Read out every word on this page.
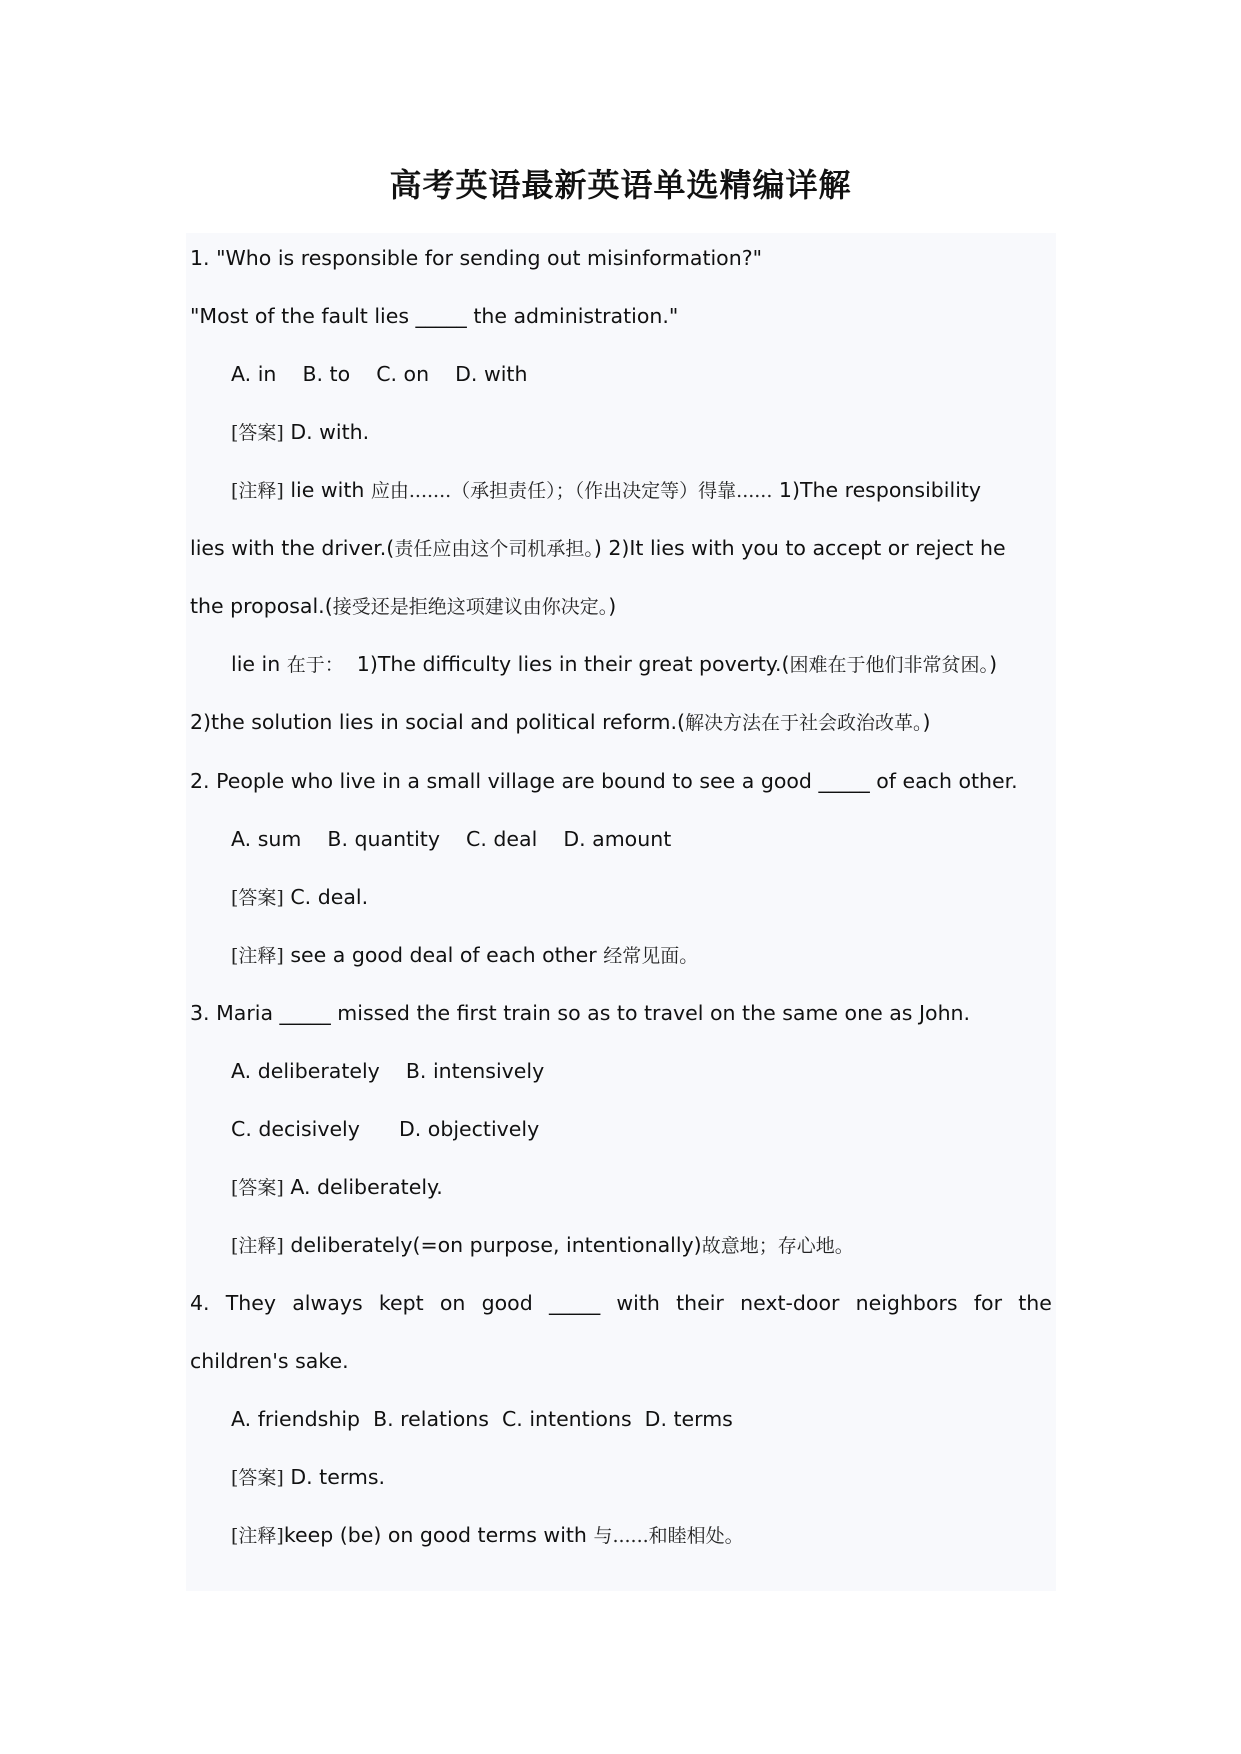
高考英语最新英语单选精编详解
1. "Who is responsible for sending out misinformation?"
"Most of the fault lies _____ the administration."
A. in    B. to    C. on    D. with
[答案] D. with.
[注释] lie with 应由.......（承担责任）；（作出决定等）得靠...... 1)The responsibility
lies with the driver.(责任应由这个司机承担。) 2)It lies with you to accept or reject he
the proposal.(接受还是拒绝这项建议由你决定。)
lie in 在于：  1)The difficulty lies in their great poverty.(困难在于他们非常贫困。)
2)the solution lies in social and political reform.(解决方法在于社会政治改革。)
2. People who live in a small village are bound to see a good _____ of each other.
A. sum    B. quantity    C. deal    D. amount
[答案] C. deal.
[注释] see a good deal of each other 经常见面。
3. Maria _____ missed the first train so as to travel on the same one as John.
A. deliberately    B. intensively
C. decisively      D. objectively
[答案] A. deliberately.
[注释] deliberately(=on purpose, intentionally)故意地；存心地。
4. They always kept on good _____ with their next-door neighbors for the
children's sake.
A. friendship  B. relations  C. intentions  D. terms
[答案] D. terms.
[注释]keep (be) on good terms with 与......和睦相处。
